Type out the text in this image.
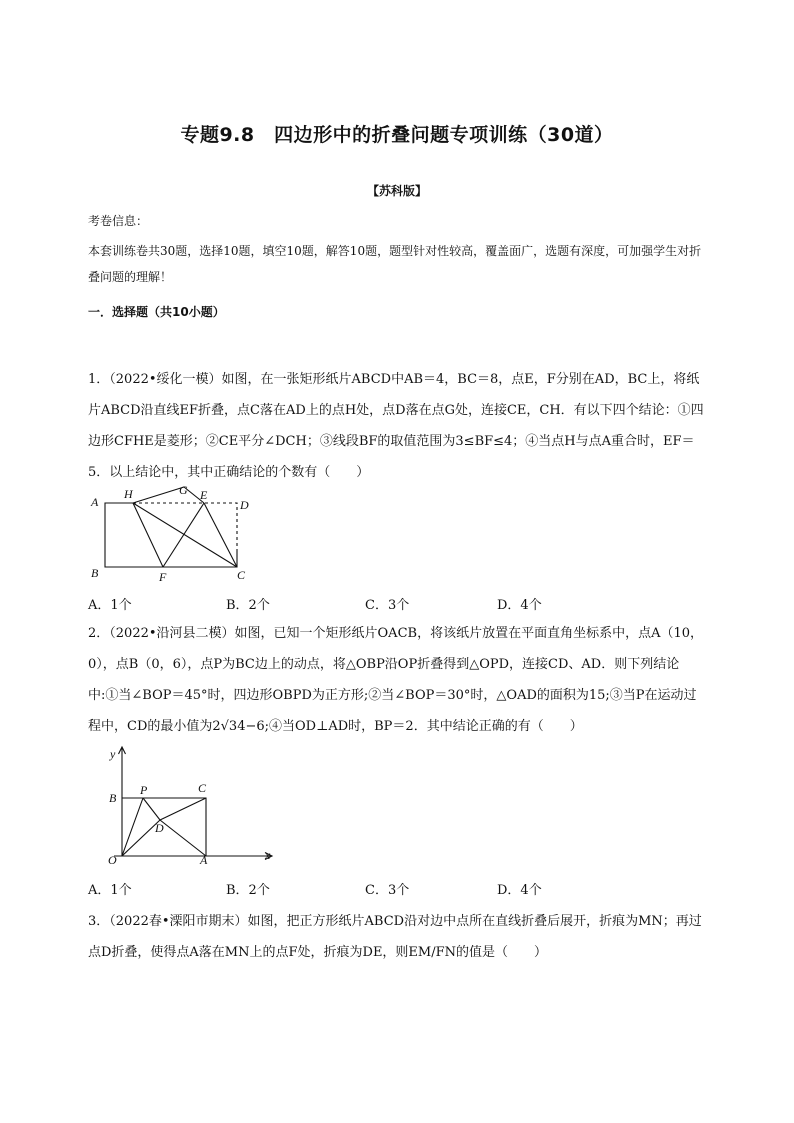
专题9.8　四边形中的折叠问题专项训练（30道）
【苏科版】
考卷信息：
本套训练卷共30题，选择10题，填空10题，解答10题，题型针对性较高，覆盖面广，选题有深度，可加强学生对折叠问题的理解！
一．选择题（共10小题）
1．（2022•绥化一模）如图，在一张矩形纸片ABCD中AB＝4，BC＝8，点E，F分别在AD，BC上，将纸片ABCD沿直线EF折叠，点C落在AD上的点H处，点D落在点G处，连接CE，CH．有以下四个结论：①四边形CFHE是菱形；②CE平分∠DCH；③线段BF的取值范围为3≤BF≤4；④当点H与点A重合时，EF＝5．以上结论中，其中正确结论的个数有（　　）
A
H	G E
D
B	F	C
A．1个	B．2个	C．3个	D．4个
2．（2022•沿河县二模）如图，已知一个矩形纸片OACB，将该纸片放置在平面直角坐标系中，点A（10，0），点B（0，6），点P为BC边上的动点，将△OBP沿OP折叠得到△OPD，连接CD、AD．则下列结论中:①当∠BOP＝45°时，四边形OBPD为正方形;②当∠BOP＝30°时，△OAD的面积为15;③当P在运动过程中，CD的最小值为2√34−6;④当OD⊥AD时，BP＝2．其中结论正确的有（　　）
y
B
P	C
D
O	A	x
A．1个	B．2个	C．3个	D．4个
3．（2022春•溧阳市期末）如图，把正方形纸片ABCD沿对边中点所在直线折叠后展开，折痕为MN；再过点D折叠，使得点A落在MN上的点F处，折痕为DE，则EM/FN的值是（　　）
